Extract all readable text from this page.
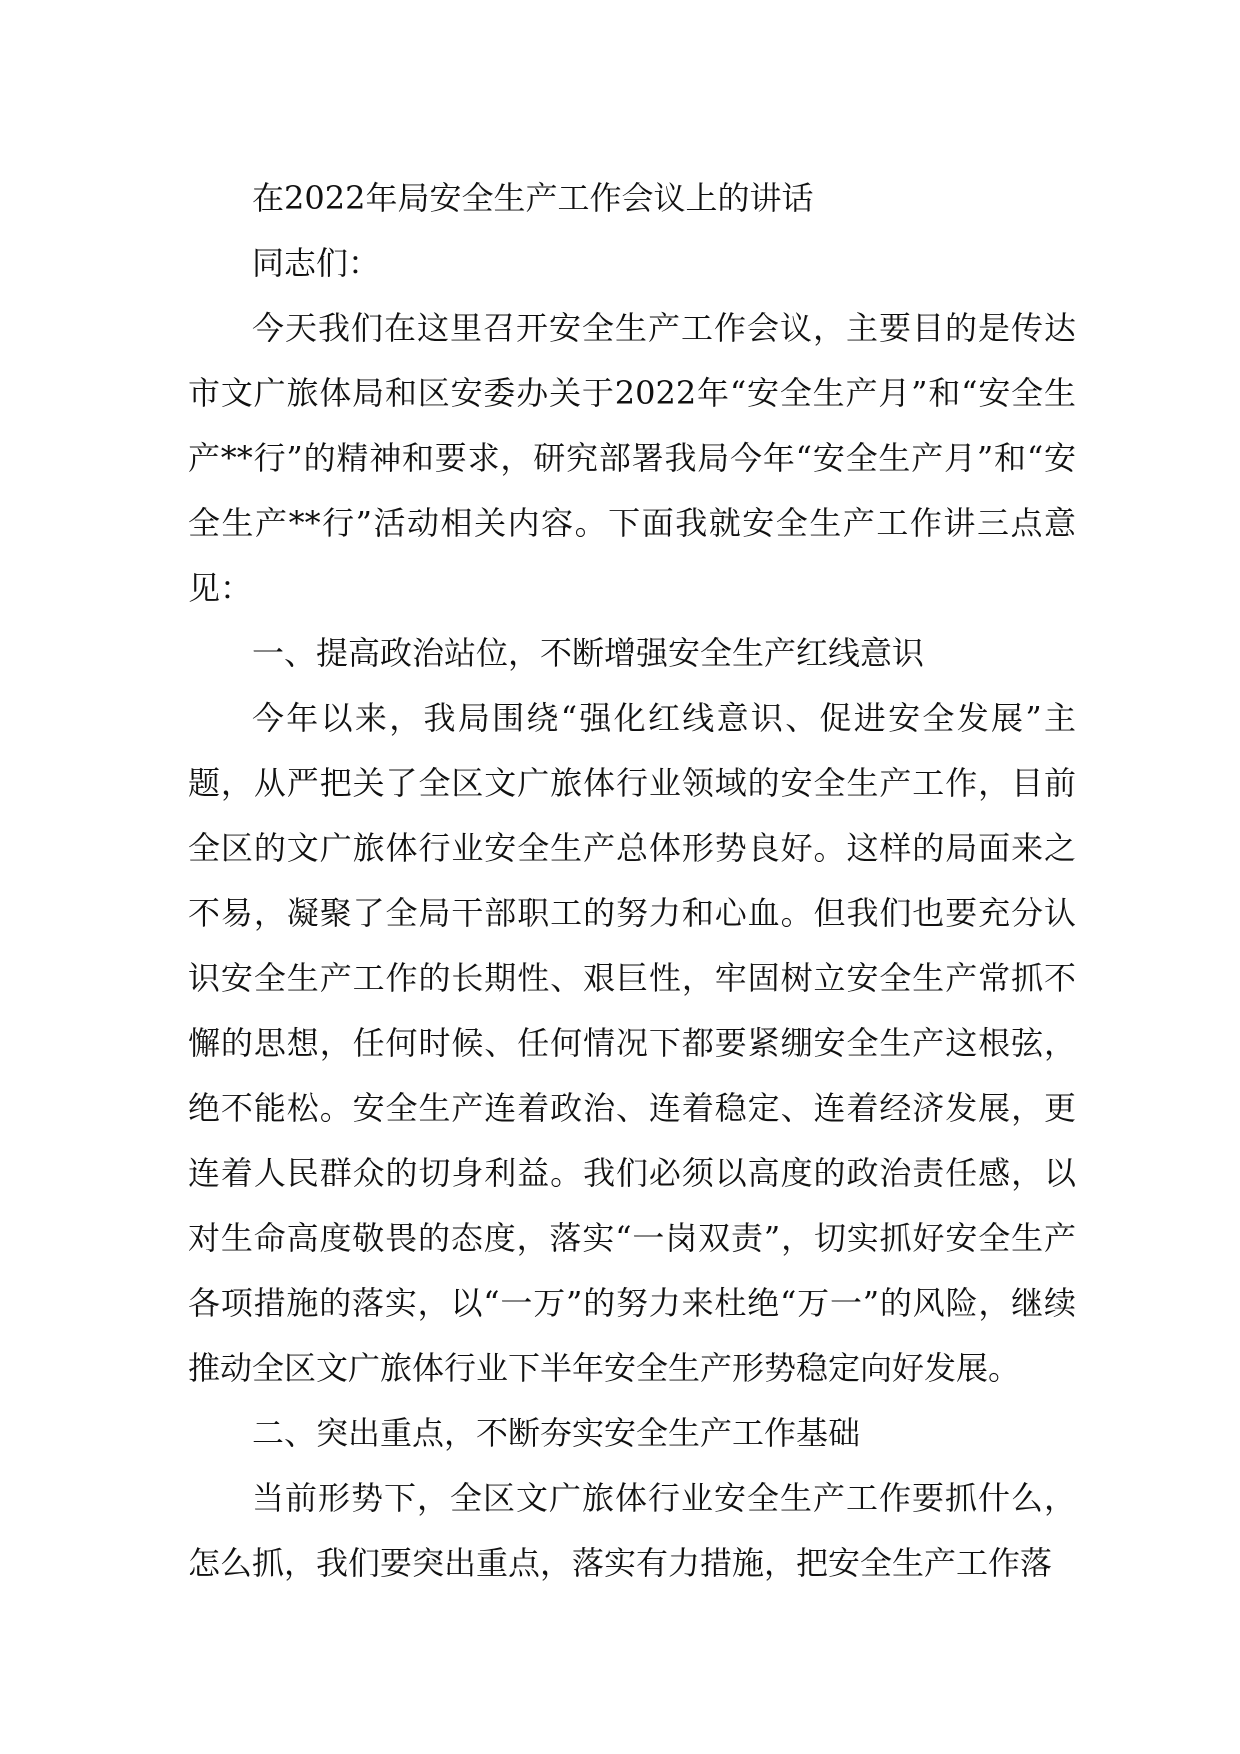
在2022年局安全生产工作会议上的讲话

同志们：

今天我们在这里召开安全生产工作会议，主要目的是传达市文广旅体局和区安委办关于2022年“安全生产月”和“安全生产**行”的精神和要求，研究部署我局今年“安全生产月”和“安全生产**行”活动相关内容。下面我就安全生产工作讲三点意见：

一、提高政治站位，不断增强安全生产红线意识

今年以来，我局围绕“强化红线意识、促进安全发展”主题，从严把关了全区文广旅体行业领域的安全生产工作，目前全区的文广旅体行业安全生产总体形势良好。这样的局面来之不易，凝聚了全局干部职工的努力和心血。但我们也要充分认识安全生产工作的长期性、艰巨性，牢固树立安全生产常抓不懈的思想，任何时候、任何情况下都要紧绷安全生产这根弦，绝不能松。安全生产连着政治、连着稳定、连着经济发展，更连着人民群众的切身利益。我们必须以高度的政治责任感，以对生命高度敬畏的态度，落实“一岗双责”，切实抓好安全生产各项措施的落实，以“一万”的努力来杜绝“万一”的风险，继续推动全区文广旅体行业下半年安全生产形势稳定向好发展。

二、突出重点，不断夯实安全生产工作基础

当前形势下，全区文广旅体行业安全生产工作要抓什么，怎么抓，我们要突出重点，落实有力措施，把安全生产工作落
